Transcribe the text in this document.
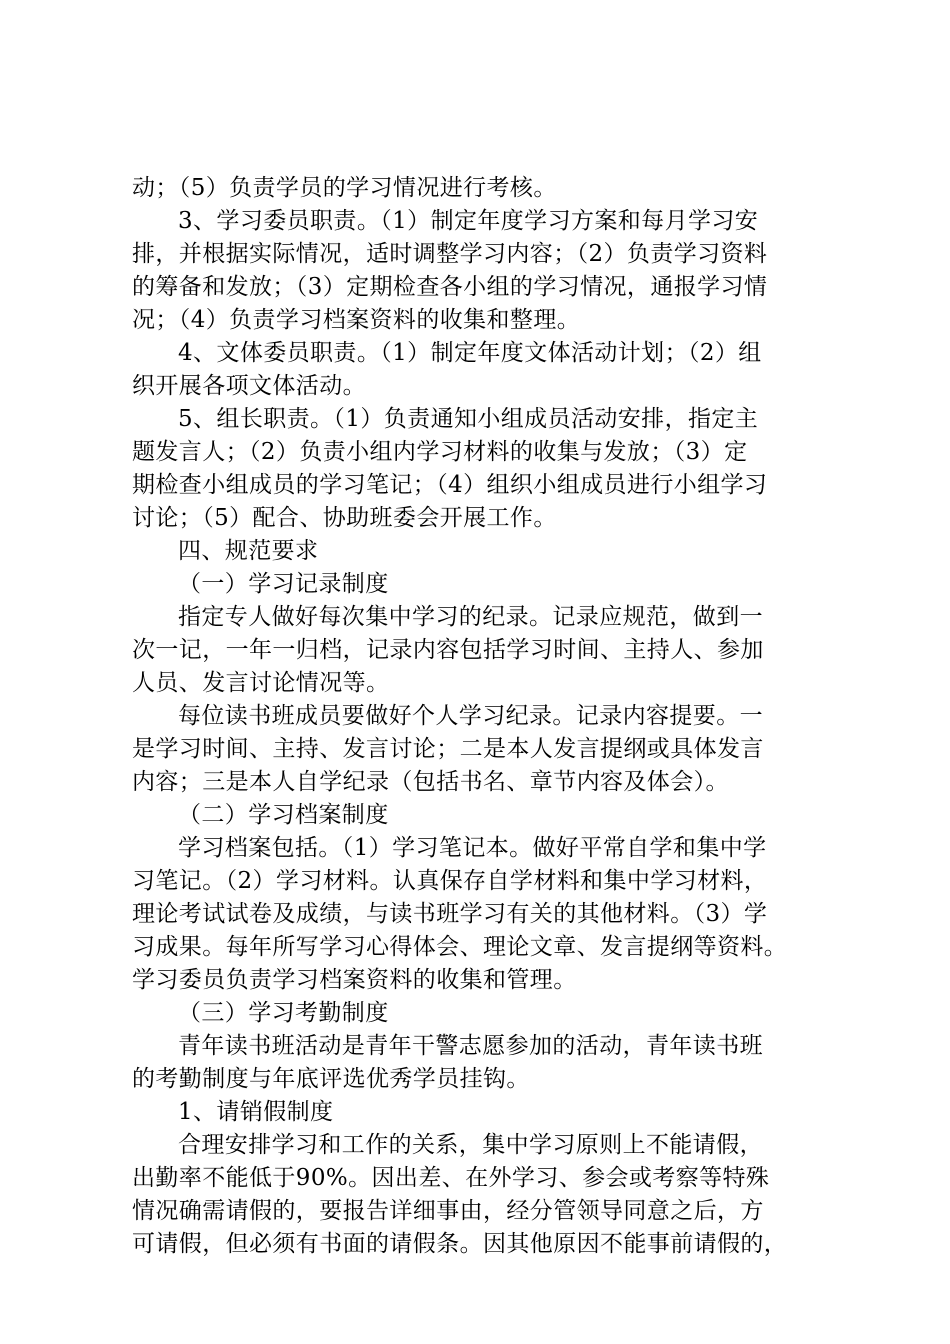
动；（5）负责学员的学习情况进行考核。
3、学习委员职责。（1）制定年度学习方案和每月学习安
排，并根据实际情况，适时调整学习内容；（2）负责学习资料
的筹备和发放；（3）定期检查各小组的学习情况，通报学习情
况；（4）负责学习档案资料的收集和整理。
4、文体委员职责。（1）制定年度文体活动计划；（2）组
织开展各项文体活动。
5、组长职责。（1）负责通知小组成员活动安排，指定主
题发言人；（2）负责小组内学习材料的收集与发放；（3）定
期检查小组成员的学习笔记；（4）组织小组成员进行小组学习
讨论；（5）配合、协助班委会开展工作。
四、规范要求
（一）学习记录制度
指定专人做好每次集中学习的纪录。记录应规范，做到一
次一记，一年一归档，记录内容包括学习时间、主持人、参加
人员、发言讨论情况等。
每位读书班成员要做好个人学习纪录。记录内容提要。一
是学习时间、主持、发言讨论；二是本人发言提纲或具体发言
内容；三是本人自学纪录（包括书名、章节内容及体会）。
（二）学习档案制度
学习档案包括。（1）学习笔记本。做好平常自学和集中学
习笔记。（2）学习材料。认真保存自学材料和集中学习材料，
理论考试试卷及成绩，与读书班学习有关的其他材料。（3）学
习成果。每年所写学习心得体会、理论文章、发言提纲等资料。
学习委员负责学习档案资料的收集和管理。
（三）学习考勤制度
青年读书班活动是青年干警志愿参加的活动，青年读书班
的考勤制度与年底评选优秀学员挂钩。
1、请销假制度
合理安排学习和工作的关系，集中学习原则上不能请假，
出勤率不能低于90%。因出差、在外学习、参会或考察等特殊
情况确需请假的，要报告详细事由，经分管领导同意之后，方
可请假，但必须有书面的请假条。因其他原因不能事前请假的，
